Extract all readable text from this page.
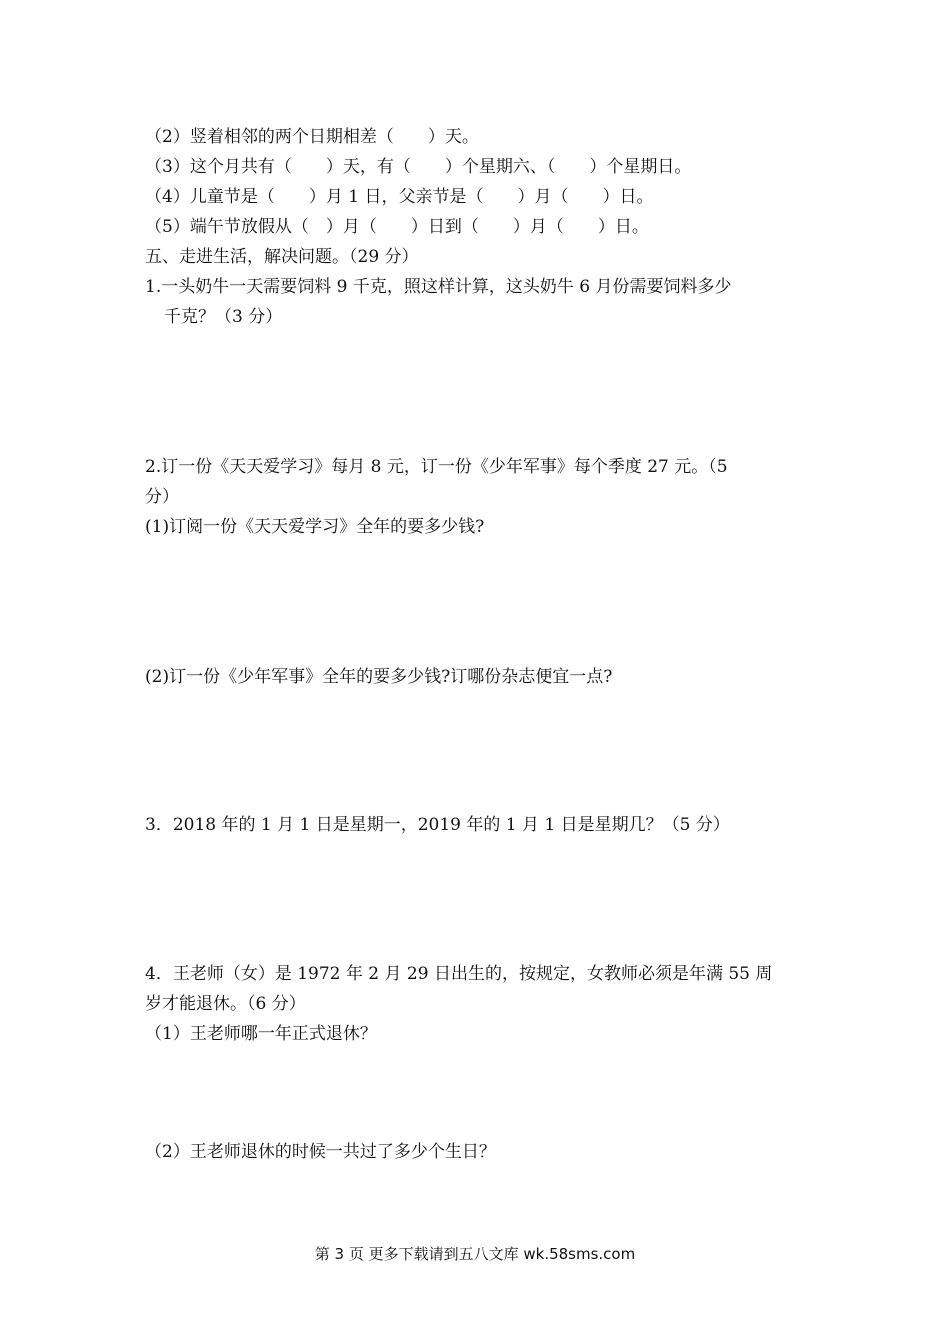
（2）竖着相邻的两个日期相差（　　）天。
（3）这个月共有（　　）天，有（　　）个星期六、（　　）个星期日。
（4）儿童节是（　　）月 1 日，父亲节是（　　）月（　　）日。
（5）端午节放假从（　）月（　　）日到（　　）月（　　）日。
五、走进生活，解决问题。（29 分）
1.一头奶牛一天需要饲料 9 千克，照这样计算，这头奶牛 6 月份需要饲料多少
千克？（3 分）
2.订一份《天天爱学习》每月 8 元，订一份《少年军事》每个季度 27 元。（5
分）
(1)订阅一份《天天爱学习》全年的要多少钱?
(2)订一份《少年军事》全年的要多少钱?订哪份杂志便宜一点?
3．2018 年的 1 月 1 日是星期一，2019 年的 1 月 1 日是星期几？（5 分）
4．王老师（女）是 1972 年 2 月 29 日出生的，按规定，女教师必须是年满 55 周
岁才能退休。（6 分）
（1）王老师哪一年正式退休？
（2）王老师退休的时候一共过了多少个生日？
第 3 页 更多下载请到五八文库 wk.58sms.com
